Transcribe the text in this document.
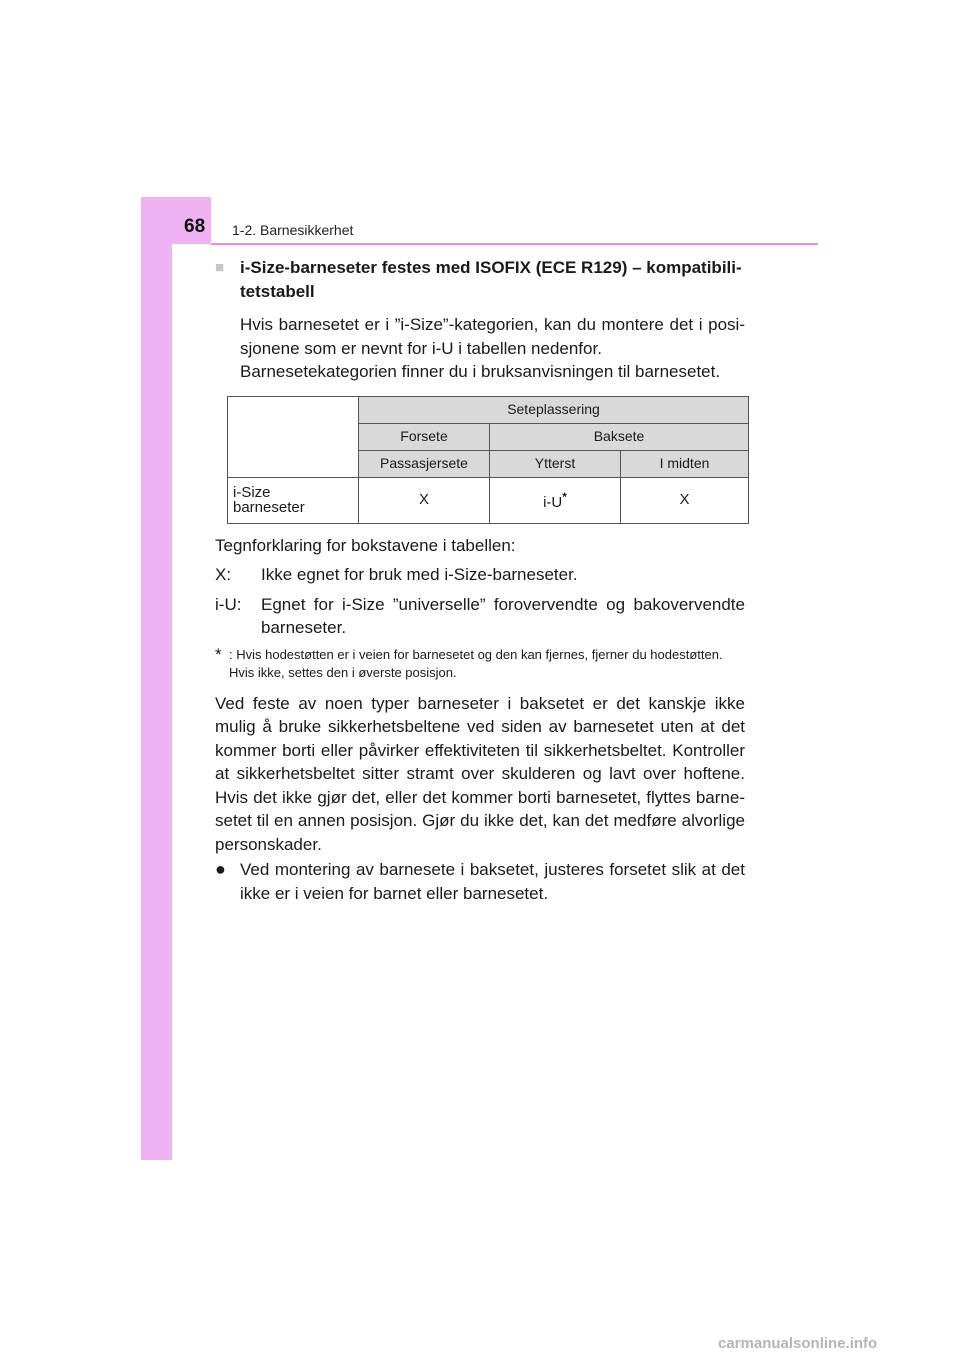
68 1-2. Barnesikkerhet
■ i-Size-barneseter festes med ISOFIX (ECE R129) – kompatibilitetstabell
Hvis barnesetet er i ”i-Size”-kategorien, kan du montere det i posisjonene som er nevnt for i-U i tabellen nedenfor.
Barnesetekategorien finner du i bruksanvisningen til barnesetet.
	Seteplassering		
	Forsete	Baksete	
	Passasjersete	Ytterst	I midten
i-Size
barneseter	X	i-U*	X
Tegnforklaring for bokstavene i tabellen:
X:	Ikke egnet for bruk med i-Size-barneseter.
i-U:	Egnet for i-Size ”universelle” forovervendte og bakovervendte barneseter.
* : Hvis hodestøtten er i veien for barnesetet og den kan fjernes, fjerner du hodestøtten.
Hvis ikke, settes den i øverste posisjon.
Ved feste av noen typer barneseter i baksetet er det kanskje ikke mulig å bruke sikkerhetsbeltene ved siden av barnesetet uten at det kommer borti eller påvirker effektiviteten til sikkerhetsbeltet. Kontroller at sikkerhetsbeltet sitter stramt over skulderen og lavt over hoftene. Hvis det ikke gjør det, eller det kommer borti barnesetet, flyttes barnesetet til en annen posisjon. Gjør du ikke det, kan det medføre alvorlige personskader.
● Ved montering av barnesete i baksetet, justeres forsetet slik at det ikke er i veien for barnet eller barnesetet.
carmanualsonline.info
